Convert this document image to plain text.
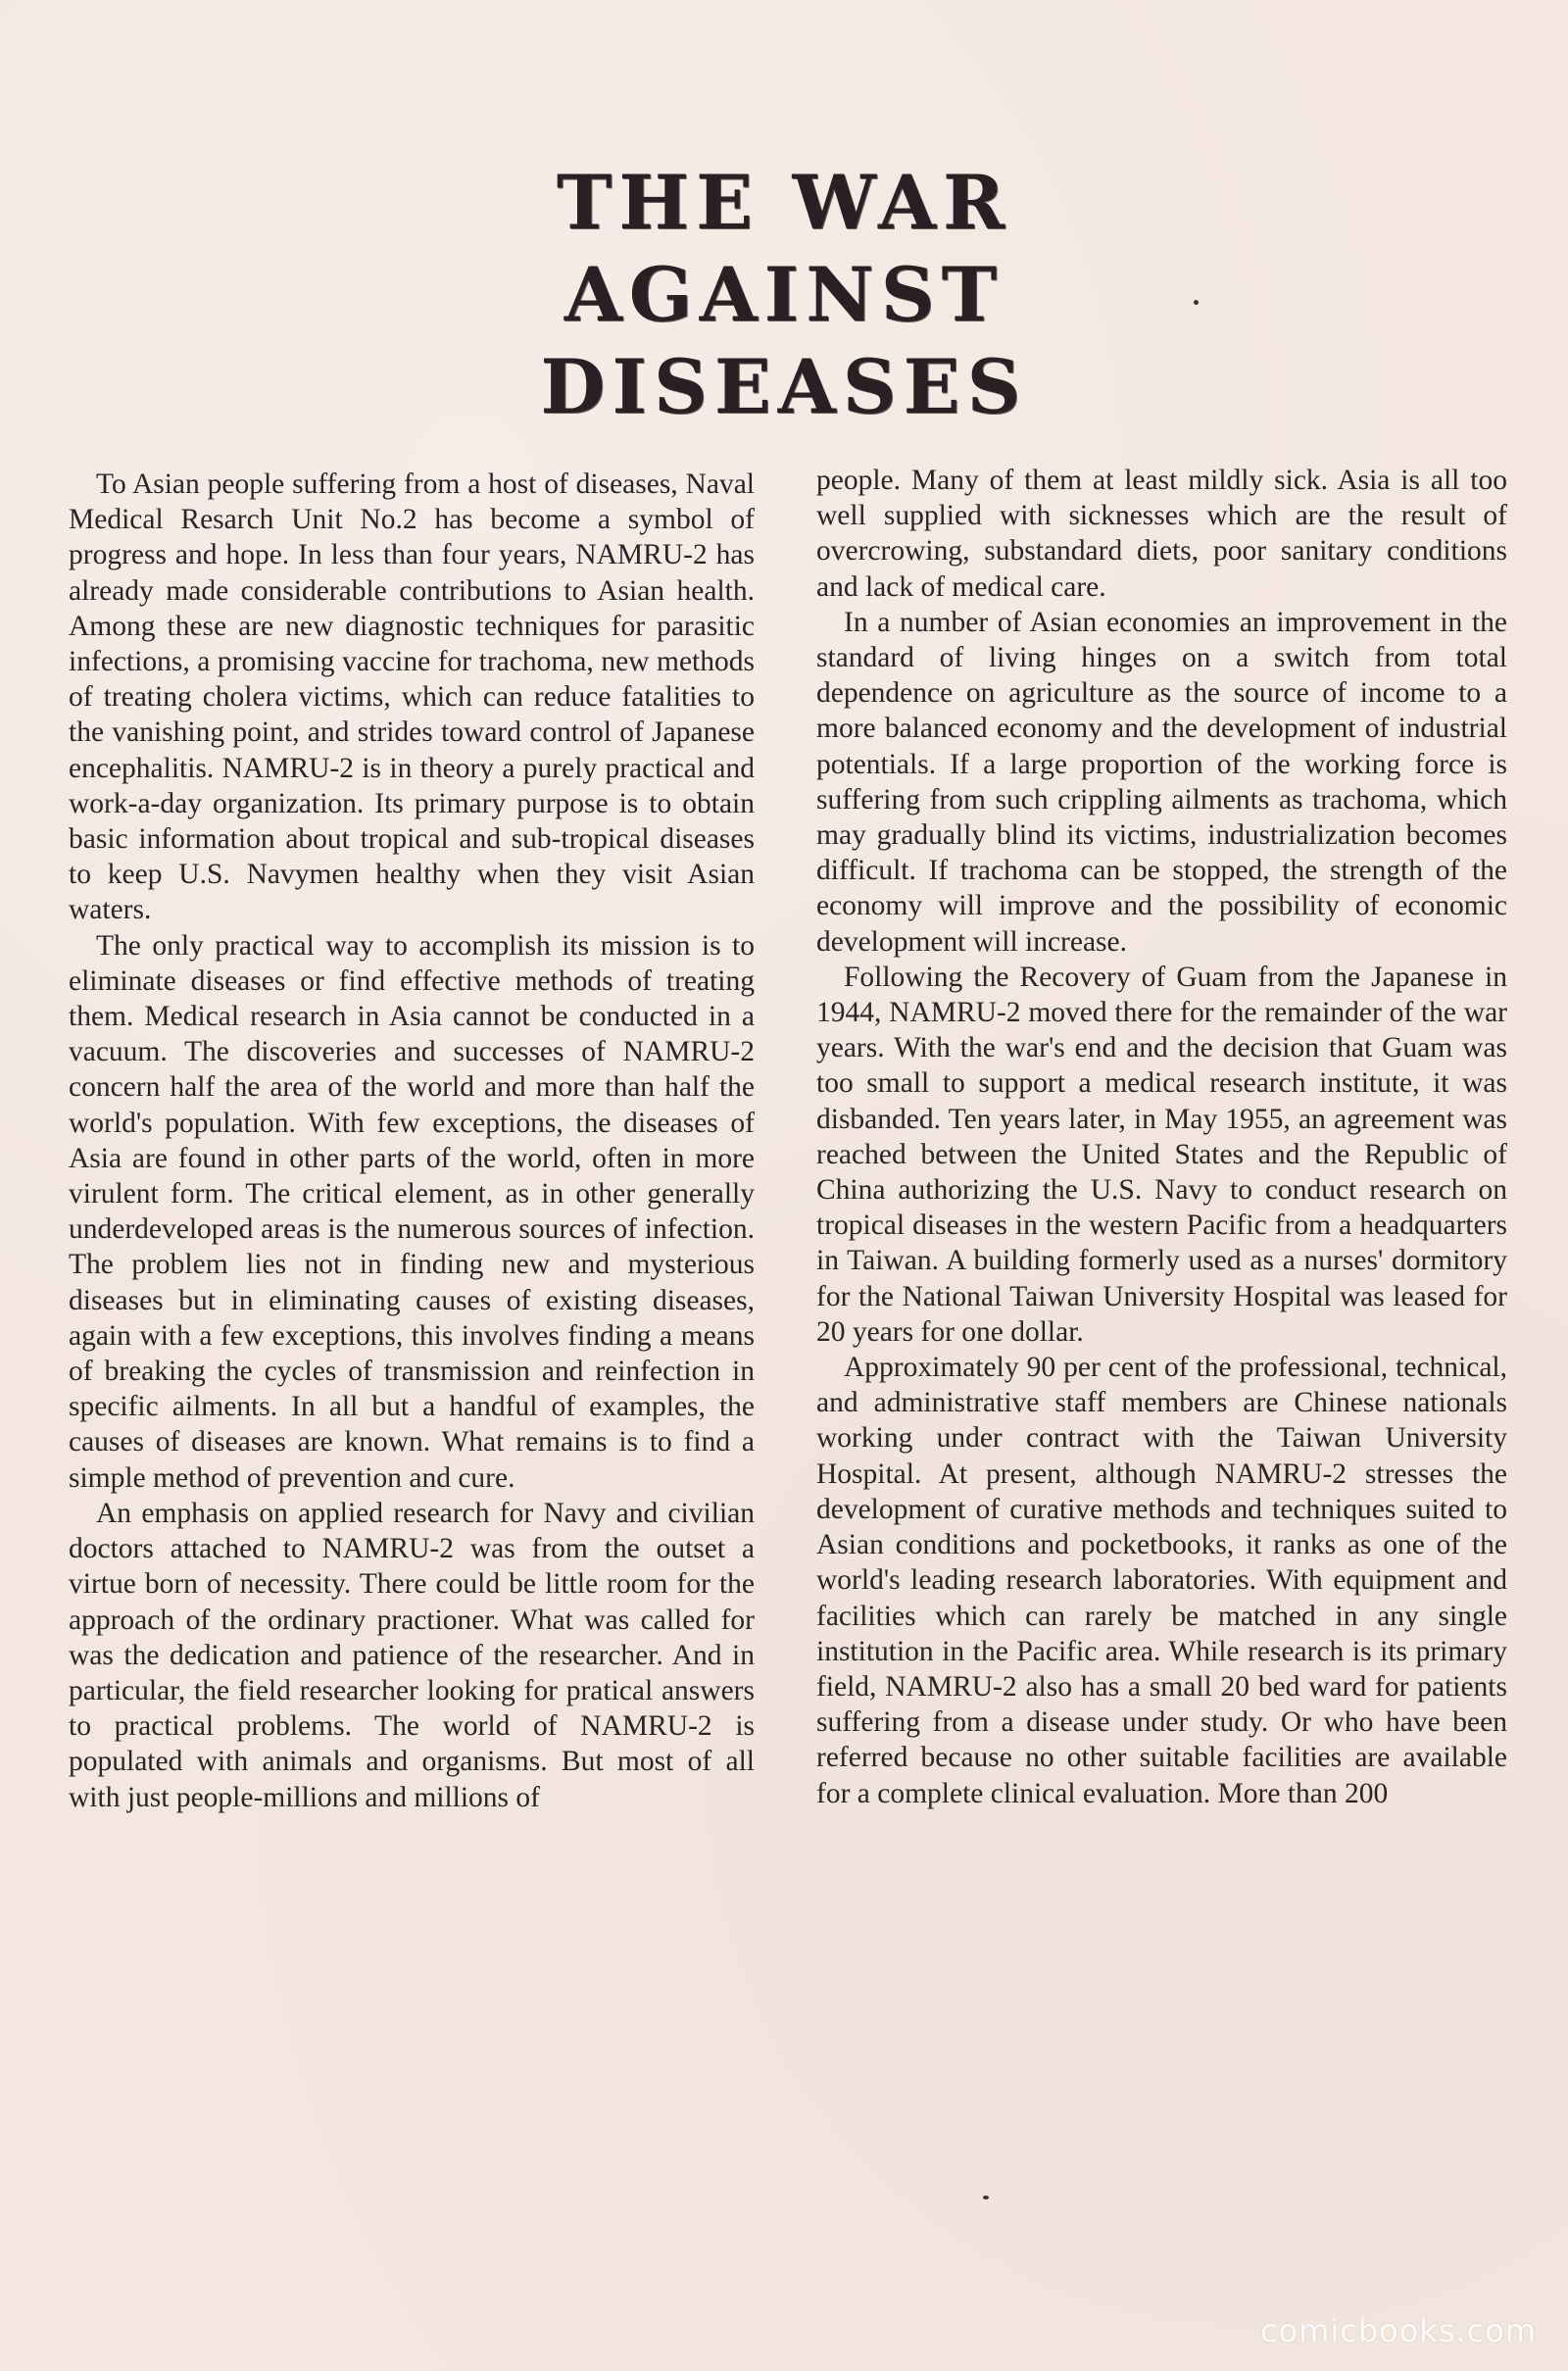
THE WAR
AGAINST
DISEASES

To Asian people suffering from a host of diseases, Naval Medical Resarch Unit No.2 has become a symbol of progress and hope. In less than four years, NAMRU-2 has already made considerable contributions to Asian health. Among these are new diagnostic techniques for parasitic infections, a promising vaccine for trachoma, new methods of treating cholera victims, which can reduce fatalities to the vanishing point, and strides toward control of Japanese encephalitis. NAMRU-2 is in theory a purely practical and work-a-day organization. Its primary purpose is to obtain basic information about tropical and sub-tropical diseases to keep U.S. Navymen healthy when they visit Asian waters.

The only practical way to accomplish its mission is to eliminate diseases or find effective methods of treating them. Medical research in Asia cannot be conducted in a vacuum. The discoveries and successes of NAMRU-2 concern half the area of the world and more than half the world's population. With few exceptions, the diseases of Asia are found in other parts of the world, often in more virulent form. The critical element, as in other generally underdeveloped areas is the numerous sources of infection. The problem lies not in finding new and mysterious diseases but in eliminating causes of existing diseases, again with a few exceptions, this involves finding a means of breaking the cycles of transmission and reinfection in specific ailments. In all but a handful of examples, the causes of diseases are known. What remains is to find a simple method of prevention and cure.

An emphasis on applied research for Navy and civilian doctors attached to NAMRU-2 was from the outset a virtue born of necessity. There could be little room for the approach of the ordinary practioner. What was called for was the dedication and patience of the researcher. And in particular, the field researcher looking for pratical answers to practical problems. The world of NAMRU-2 is populated with animals and organisms. But most of all with just people-millions and millions of

people. Many of them at least mildly sick. Asia is all too well supplied with sicknesses which are the result of overcrowing, substandard diets, poor sanitary conditions and lack of medical care.

In a number of Asian economies an improvement in the standard of living hinges on a switch from total dependence on agriculture as the source of income to a more balanced economy and the development of industrial potentials. If a large proportion of the working force is suffering from such crippling ailments as trachoma, which may gradually blind its victims, industrialization becomes difficult. If trachoma can be stopped, the strength of the economy will improve and the possibility of economic development will increase.

Following the Recovery of Guam from the Japanese in 1944, NAMRU-2 moved there for the remainder of the war years. With the war's end and the decision that Guam was too small to support a medical research institute, it was disbanded. Ten years later, in May 1955, an agreement was reached between the United States and the Republic of China authorizing the U.S. Navy to conduct research on tropical diseases in the western Pacific from a headquarters in Taiwan. A building formerly used as a nurses' dormitory for the National Taiwan University Hospital was leased for 20 years for one dollar.

Approximately 90 per cent of the professional, technical, and administrative staff members are Chinese nationals working under contract with the Taiwan University Hospital. At present, although NAMRU-2 stresses the development of curative methods and techniques suited to Asian conditions and pocketbooks, it ranks as one of the world's leading research laboratories. With equipment and facilities which can rarely be matched in any single institution in the Pacific area. While research is its primary field, NAMRU-2 also has a small 20 bed ward for patients suffering from a disease under study. Or who have been referred because no other suitable facilities are available for a complete clinical evaluation. More than 200

comicbooks.com
